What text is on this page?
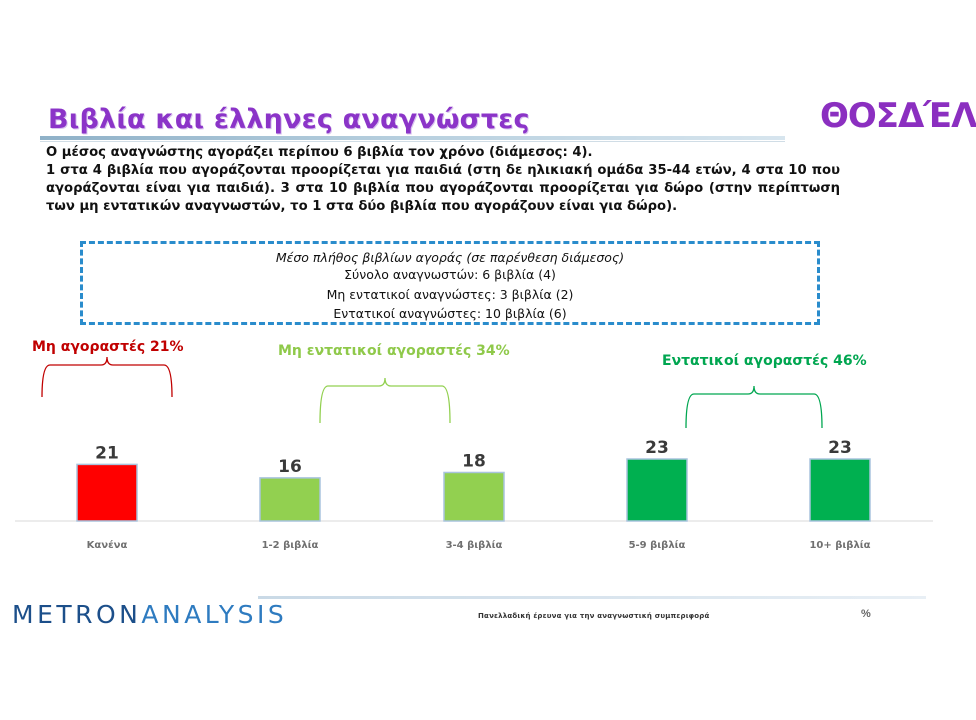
Βιβλία και έλληνες αναγνώστες	ΘΟΣΔΈΛ

Ο μέσος αναγνώστης αγοράζει περίπου 6 βιβλία τον χρόνο (διάμεσος: 4).

1 στα 4 βιβλία που αγοράζονται προορίζεται για παιδιά (στη δε ηλικιακή ομάδα 35-44 ετών, 4 στα 10 που αγοράζονται είναι για παιδιά). 3 στα 10 βιβλία που αγοράζονται προορίζεται για δώρο (στην περίπτωση των μη εντατικών αναγνωστών, το 1 στα δύο βιβλία που αγοράζουν είναι για δώρο).

Μέσο πλήθος βιβλίων αγοράς (σε παρένθεση διάμεσος)
Σύνολο αναγνωστών: 6 βιβλία (4)
Μη εντατικοί αναγνώστες: 3 βιβλία (2)
Εντατικοί αναγνώστες: 10 βιβλία (6)
Μη αγοραστές 21%	Μη εντατικοί αγοραστές 34%
Εντατικοί αγοραστές 46%
21
Κανένα
16
1-2 βιβλία
18
3-4 βιβλία
23
5-9 βιβλία
23
10+ βιβλία
METRONANALYSIS	Πανελλαδική έρευνα για την αναγνωστική συμπεριφορά	%
